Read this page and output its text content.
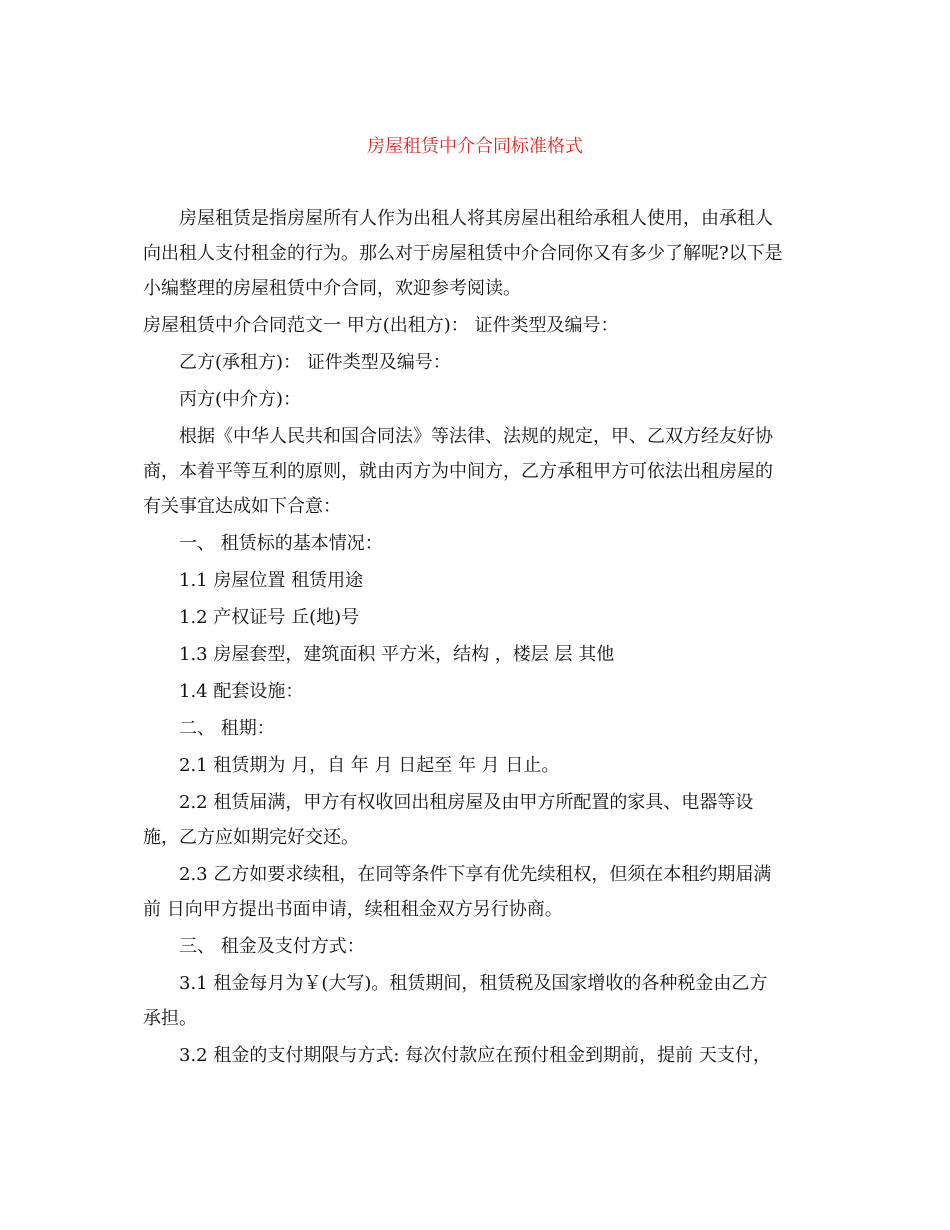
房屋租赁中介合同标准格式
房屋租赁是指房屋所有人作为出租人将其房屋出租给承租人使用，由承租人
向出租人支付租金的行为。那么对于房屋租赁中介合同你又有多少了解呢?以下是
小编整理的房屋租赁中介合同，欢迎参考阅读。
房屋租赁中介合同范文一 甲方(出租方)： 证件类型及编号：
乙方(承租方)： 证件类型及编号：
丙方(中介方)：
根据《中华人民共和国合同法》等法律、法规的规定，甲、乙双方经友好协
商，本着平等互利的原则，就由丙方为中间方，乙方承租甲方可依法出租房屋的
有关事宜达成如下合意：
一、 租赁标的基本情况：
1.1 房屋位置 租赁用途
1.2 产权证号 丘(地)号
1.3 房屋套型，建筑面积 平方米，结构 ，楼层 层 其他
1.4 配套设施：
二、 租期：
2.1 租赁期为 月，自 年 月 日起至 年 月 日止。
2.2 租赁届满，甲方有权收回出租房屋及由甲方所配置的家具、电器等设
施，乙方应如期完好交还。
2.3 乙方如要求续租，在同等条件下享有优先续租权，但须在本租约期届满
前 日向甲方提出书面申请，续租租金双方另行协商。
三、 租金及支付方式：
3.1 租金每月为￥(大写)。租赁期间，租赁税及国家增收的各种税金由乙方
承担。
3.2 租金的支付期限与方式: 每次付款应在预付租金到期前，提前 天支付，
